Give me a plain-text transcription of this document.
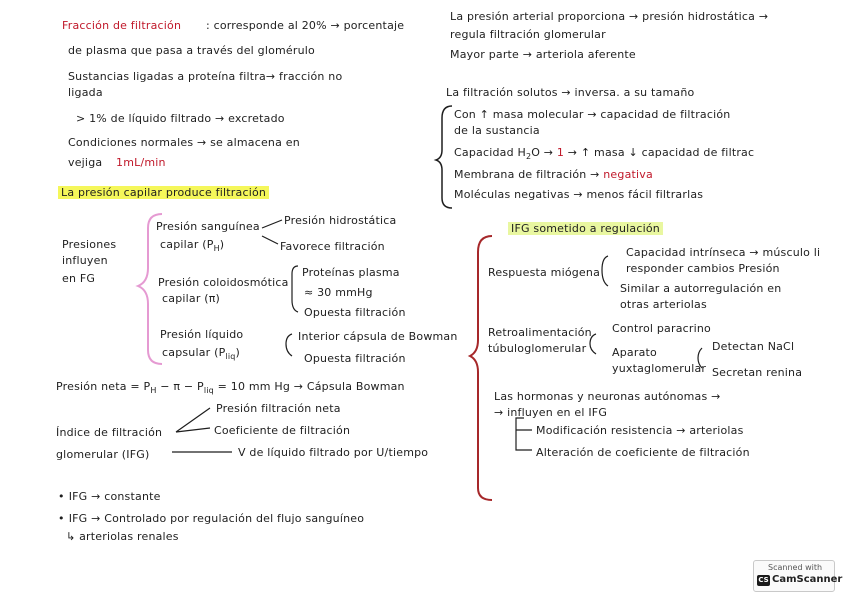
Fracción de filtración : corresponde al 20% → porcentaje
de plasma que pasa a través del glomérulo
Sustancias ligadas a proteína filtra→ fracción no
ligada
> 1% de líquido filtrado → excretado
Condiciones normales → se almacena en
vejiga 1mL/min
La presión capilar produce filtración
Presiones
influyen
en FG
Presión sanguínea
capilar $(P_H)$
Presión hidrostática
Favorece filtración
Presión coloidosmótica
capilar (π)
Proteínas plasma
≈ 30 mmHg
Opuesta filtración
Presión líquido
capsular $(P_{liq})$
Interior cápsula de Bowman
Opuesta filtración
Presión neta = $P_H - \pi - P_{liq} = 10$ mm Hg → Cápsula Bowman
Índice de filtración
glomerular (IFG)
Presión filtración neta
Coeficiente de filtración
V de líquido filtrado por U/tiempo
• IFG → constante
• IFG → Controlado por regulación del flujo sanguíneo
↳ arteriolas renales
La presión arterial proporciona → presión hidrostática →
regula filtración glomerular
Mayor parte → arteriola aferente
La filtración solutos → inversa. a su tamaño
Con ↑ masa molecular → capacidad de filtración
de la sustancia
Capacidad $H_2O \to 1$ → ↑ masa ↓ capacidad de filtrac
Membrana de filtración → negativa
Moléculas negativas → menos fácil filtrarlas
IFG sometido a regulación
Respuesta miógena
Capacidad intrínseca → músculo li
responder cambios Presión
Similar a autorregulación en
otras arteriolas
Retroalimentación
túbuloglomerular
Control paracrino
Aparato
yuxtaglomerular
Detectan NaCl
Secretan renina
Las hormonas y neuronas autónomas →
→ influyen en el IFG
Modificación resistencia → arteriolas
Alteración de coeficiente de filtración
Scanned with
CS CamScanner
